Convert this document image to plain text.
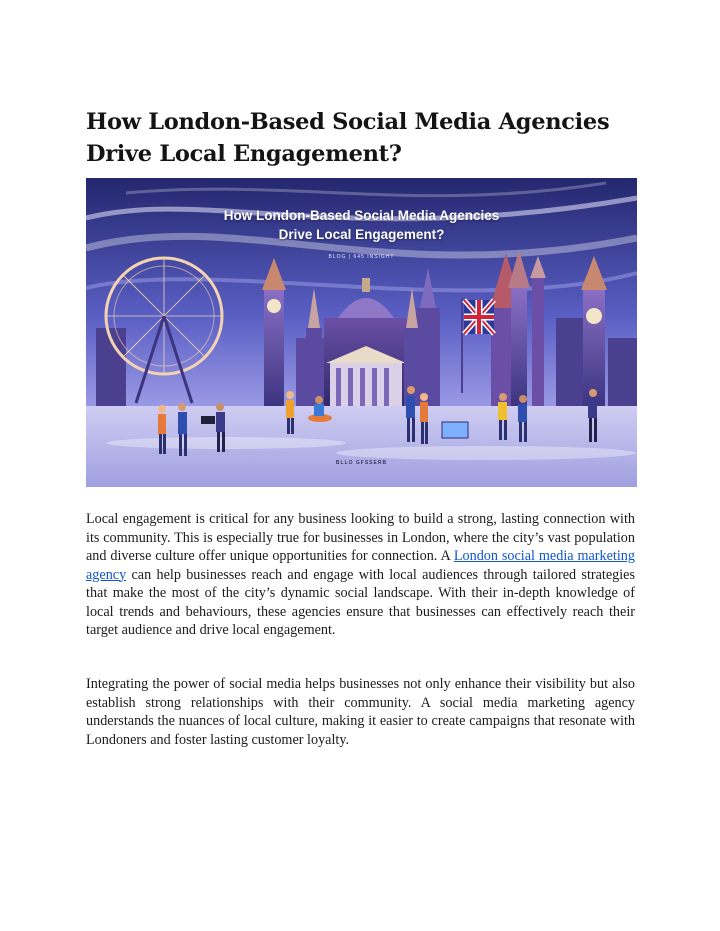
How London-Based Social Media Agencies Drive Local Engagement?
How London-Based Social Media Agencies
Drive Local Engagement?
BLOG | 645 INSIGHT
BLLO GFSSERB

Local engagement is critical for any business looking to build a strong, lasting connection with its community. This is especially true for businesses in London, where the city’s vast population and diverse culture offer unique opportunities for connection. A London social media marketing agency can help businesses reach and engage with local audiences through tailored strategies that make the most of the city’s dynamic social landscape. With their in-depth knowledge of local trends and behaviours, these agencies ensure that businesses can effectively reach their target audience and drive local engagement.

Integrating the power of social media helps businesses not only enhance their visibility but also establish strong relationships with their community. A social media marketing agency understands the nuances of local culture, making it easier to create campaigns that resonate with Londoners and foster lasting customer loyalty.
